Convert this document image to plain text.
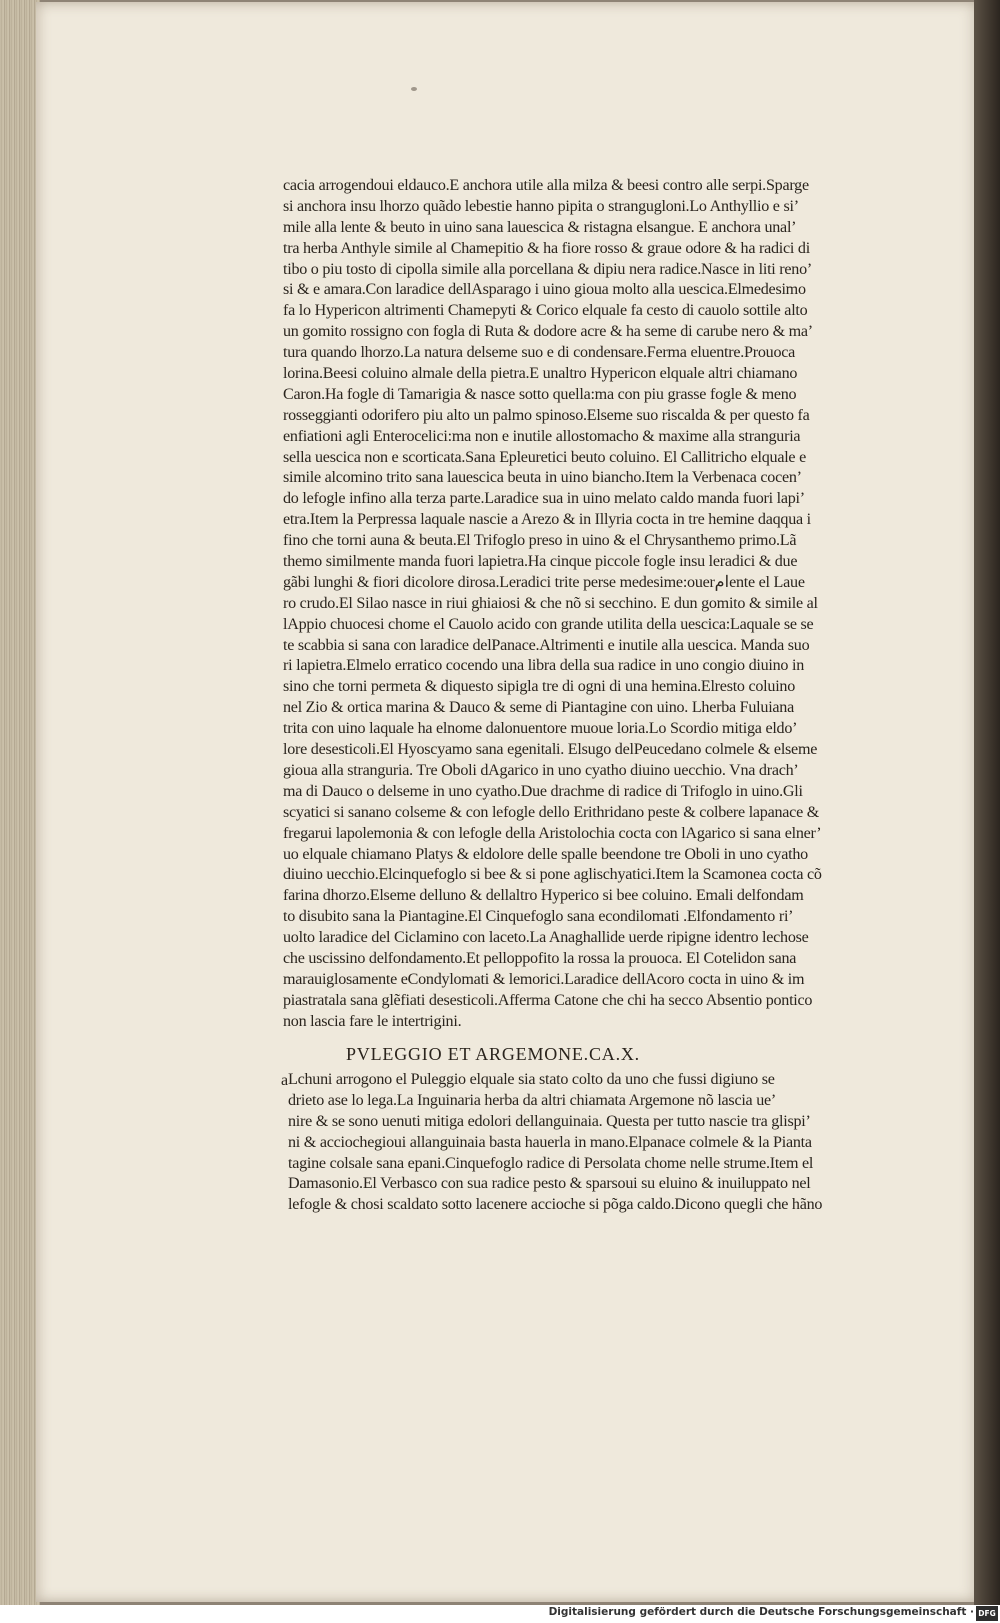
cacia arrogendoui eldauco.E anchora utile alla milza & beesi contro alle serpi.Sparge
si anchora insu lhorzo quãdo lebestie hanno pipita o strangugloni.Lo Anthyllio e si’
mile alla lente & beuto in uino sana lauescica & ristagna elsangue. E anchora unal’
tra herba Anthyle simile al Chamepitio & ha fiore rosso & graue odore & ha radici di
tibo o piu tosto di cipolla simile alla porcellana & dipiu nera radice.Nasce in liti reno’
si & e amara.Con laradice dellAsparago i uino gioua molto alla uescica.Elmedesimo
fa lo Hypericon altrimenti Chamepyti & Corico elquale fa cesto di cauolo sottile alto
un gomito rossigno con fogla di Ruta & dodore acre & ha seme di carube nero & ma’
tura quando lhorzo.La natura delseme suo e di condensare.Ferma eluentre.Prouoca
lorina.Beesi coluino almale della pietra.E unaltro Hypericon elquale altri chiamano
Caron.Ha fogle di Tamarigia & nasce sotto quella:ma con piu grasse fogle & meno
rosseggianti odorifero piu alto un palmo spinoso.Elseme suo riscalda & per questo fa
enfiationi agli Enterocelici:ma non e inutile allostomacho & maxime alla stranguria
sella uescica non e scorticata.Sana Epleuretici beuto coluino. El Callitricho elquale e
simile alcomino trito sana lauescica beuta in uino biancho.Item la Verbenaca cocen’
do lefogle infino alla terza parte.Laradice sua in uino melato caldo manda fuori lapi’
etra.Item la Perpressa laquale nascie a Arezo & in Illyria cocta in tre hemine daqqua i
fino che torni auna & beuta.El Trifoglo preso in uino & el Chrysanthemo primo.Lã
themo similmente manda fuori lapietra.Ha cinque piccole fogle insu leradici & due
gãbi lunghi & fiori dicolore dirosa.Leradici trite perse medesime:ouerامente el Laue
ro crudo.El Silao nasce in riui ghiaiosi & che nõ si secchino. E dun gomito & simile al
lAppio chuocesi chome el Cauolo acido con grande utilita della uescica:Laquale se se
te scabbia si sana con laradice delPanace.Altrimenti e inutile alla uescica. Manda suo
ri lapietra.Elmelo erratico cocendo una libra della sua radice in uno congio diuino in
sino che torni permeta & diquesto sipigla tre di ogni di una hemina.Elresto coluino
nel Zio & ortica marina & Dauco & seme di Piantagine con uino. Lherba Fuluiana
trita con uino laquale ha elnome dalonuentore muoue loria.Lo Scordio mitiga eldo’
lore desesticoli.El Hyoscyamo sana egenitali. Elsugo delPeucedano colmele & elseme
gioua alla stranguria. Tre Oboli dAgarico in uno cyatho diuino uecchio. Vna drach’
ma di Dauco o delseme in uno cyatho.Due drachme di radice di Trifoglo in uino.Gli
scyatici si sanano colseme & con lefogle dello Erithridano peste & colbere lapanace &
fregarui lapolemonia & con lefogle della Aristolochia cocta con lAgarico si sana elner’
uo elquale chiamano Platys & eldolore delle spalle beendone tre Oboli in uno cyatho
diuino uecchio.Elcinquefoglo si bee & si pone aglischyatici.Item la Scamonea cocta cõ
farina dhorzo.Elseme delluno & dellaltro Hyperico si bee coluino. Emali delfondam
to disubito sana la Piantagine.El Cinquefoglo sana econdilomati .Elfondamento ri’
uolto laradice del Ciclamino con laceto.La Anaghallide uerde ripigne identro lechose
che uscissino delfondamento.Et pelloppofito la rossa la prouoca. El Cotelidon sana
marauiglosamente eCondylomati & lemorici.Laradice dellAcoro cocta in uino & im
piastratala sana glẽfiati desesticoli.Afferma Catone che chi ha secco Absentio pontico
non lascia fare le intertrigini.
PVLEGGIO ET ARGEMONE.CA.X.
a Lchuni arrogono el Puleggio elquale sia stato colto da uno che fussi digiuno se
drieto ase lo lega.La Inguinaria herba da altri chiamata Argemone nõ lascia ue’
nire & se sono uenuti mitiga edolori dellanguinaia. Questa per tutto nascie tra glispi’
ni & acciochegioui allanguinaia basta hauerla in mano.Elpanace colmele & la Pianta
tagine colsale sana epani.Cinquefoglo radice di Persolata chome nelle strume.Item el
Damasonio.El Verbasco con sua radice pesto & sparsoui su eluino & inuiluppato nel
lefogle & chosi scaldato sotto lacenere accioche si põga caldo.Dicono quegli che hãno
Digitalisierung gefördert durch die Deutsche Forschungsgemeinschaft · DFG
